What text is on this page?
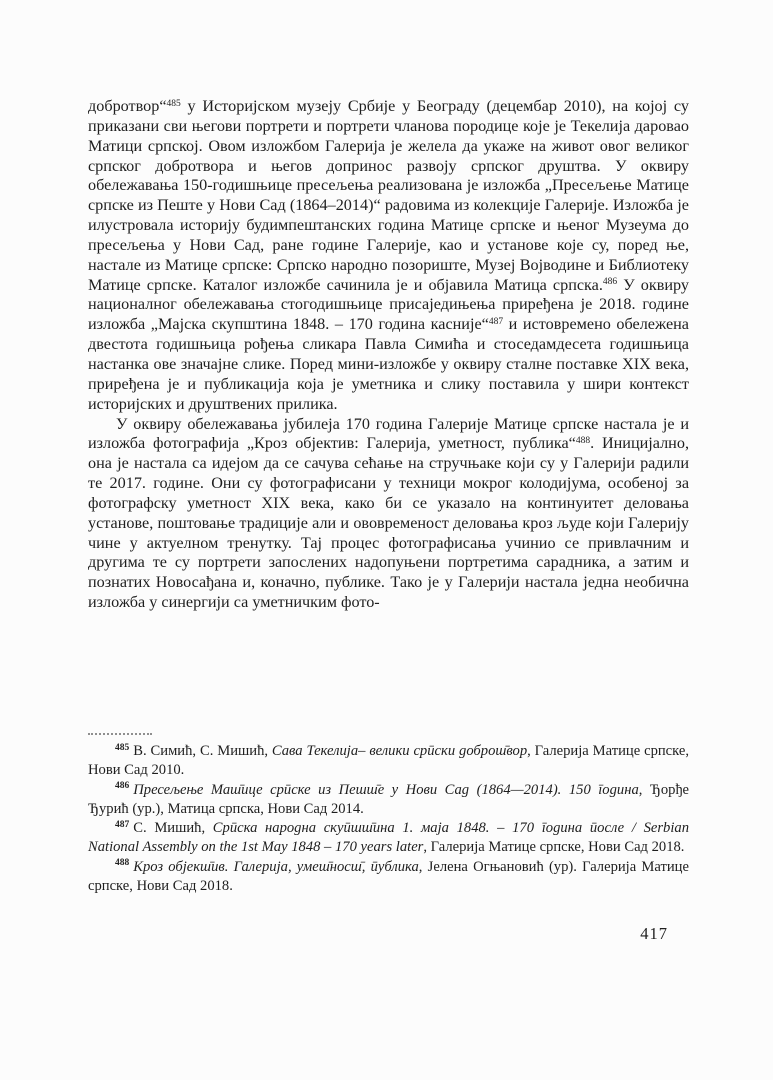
добротвор“$^{485}$ у Историјском музеју Србије у Београду (децембар 2010), на којој су приказани сви његови портрети и портрети чланова породице које је Текелија даровао Матици српској. Овом изложбом Галерија је желела да укаже на живот овог великог српског добротвора и његов допринос развоју српског друштва. У оквиру обележавања 150-годишњице пресељења реализована је изложба „Пресељење Матице српске из Пеште у Нови Сад (1864–2014)“ радовима из колекције Галерије. Изложба је илустровала историју будимпештанских година Матице српске и њеног Музеума до пресељења у Нови Сад, ране године Галерије, као и установе које су, поред ње, настале из Матице српске: Српско народно позориште, Музеј Војводине и Библиотеку Матице српске. Каталог изложбе сачинила је и објавила Матица српска.$^{486}$ У оквиру националног обележавања стогодишњице присаједињења приређена је 2018. године изложба „Мајска скупштина 1848. – 170 година касније“$^{487}$ и истовремено обележена двестота годишњица рођења сликара Павла Симића и стоседамдесета годишњица настанка ове значајне слике. Поред мини-изложбе у оквиру сталне поставке XIX века, приређена је и публикација која је уметника и слику поставила у шири контекст историјских и друштвених прилика.

У оквиру обележавања јубилеја 170 година Галерије Матице српске настала је и изложба фотографија „Кроз објектив: Галерија, уметност, публика“$^{488}$. Иницијално, она је настала са идејом да се сачува сећање на стручњаке који су у Галерији радили те 2017. године. Они су фотографисани у техници мокрог колодијума, особеној за фотографску уметност XIX века, како би се указало на континуитет деловања установе, поштовање традиције али и ововременост деловања кроз људе који Галерију чине у актуелном тренутку. Тај процес фотографисања учинио се привлачним и другима те су портрети запослених надопуњени портретима сарадника, а затим и познатих Новосађана и, коначно, публике. Тако је у Галерији настала једна необична изложба у синергији са уметничким фото-

$^{485}$ В. Симић, С. Мишић, Сава Текелија– велики срūски доброш̄вор, Галерија Матице српске, Нови Сад 2010.

$^{486}$ Пресељење Маш̄ице срūске из Пешш̄е у Нови Сад (1864—2014). 150 īодина, Ђорђе Ђурић (ур.), Матица српска, Нови Сад 2014.

$^{487}$ С. Мишић, Срūска народна скуūшш̄ина 1. маја 1848. – 170 īодина ūосле / Serbian National Assembly on the 1st May 1848 – 170 years later, Галерија Матице српске, Нови Сад 2018.

$^{488}$ Кроз објекш̄ив. Галерија, умеш̄носш̄, ūублика, Јелена Огњановић (ур). Галерија Матице српске, Нови Сад 2018.

417
